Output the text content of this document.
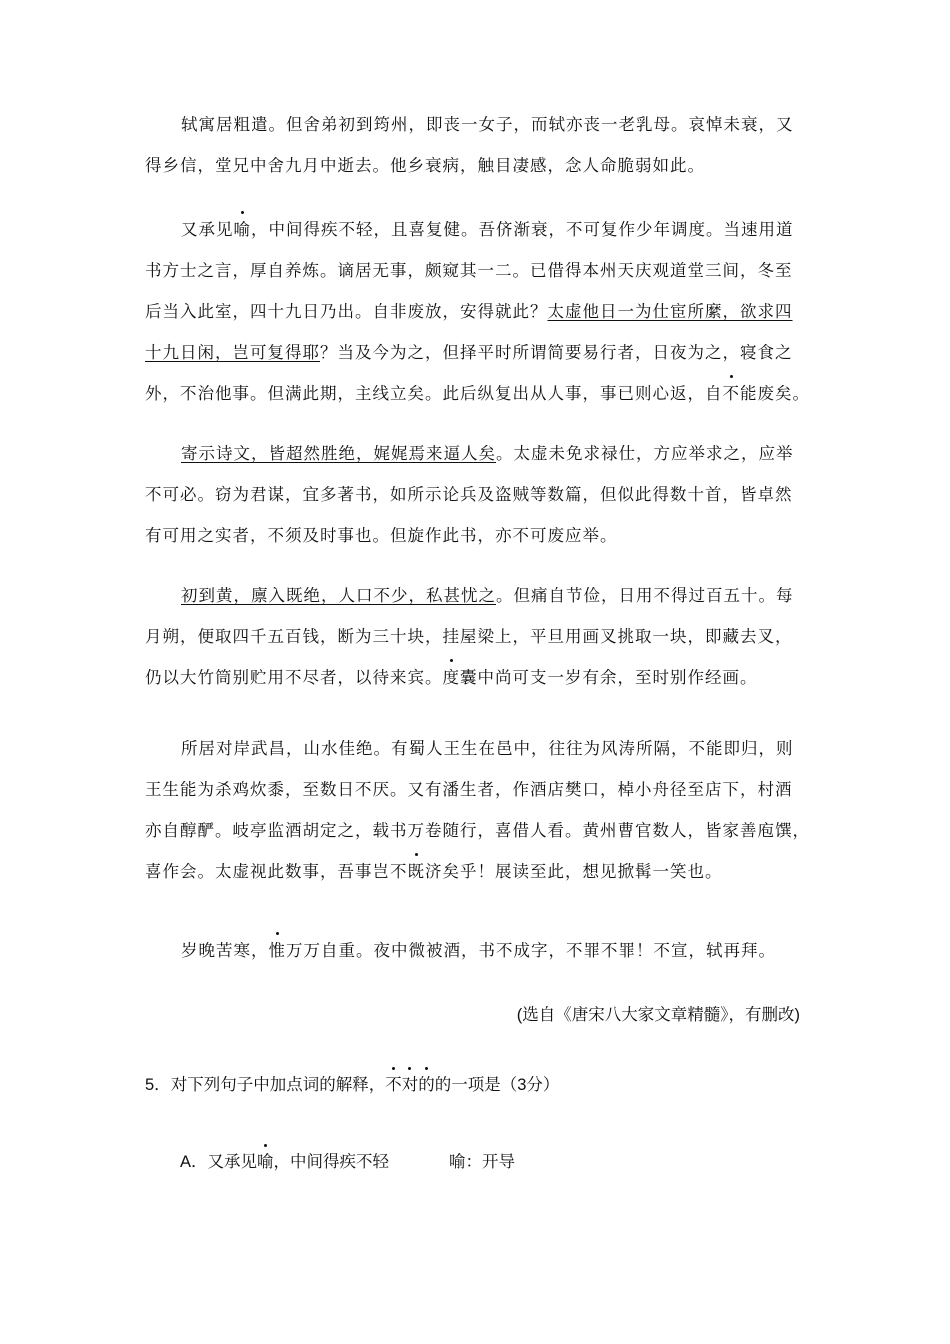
轼寓居粗遣。但舍弟初到筠州，即丧一女子，而轼亦丧一老乳母。哀悼未衰，又
得乡信，堂兄中舍九月中逝去。他乡衰病，触目凄感，念人命脆弱如此。
又承见喻，中间得疾不轻，且喜复健。吾侪渐衰，不可复作少年调度。当速用道
书方士之言，厚自养炼。谪居无事，颇窥其一二。已借得本州天庆观道堂三间，冬至
后当入此室，四十九日乃出。自非废放，安得就此？太虚他日一为仕宦所縻，欲求四
十九日闲，岂可复得耶？当及今为之，但择平时所谓简要易行者，日夜为之，寝食之
外，不治他事。但满此期，主线立矣。此后纵复出从人事，事已则心返，自不能废矣。
寄示诗文，皆超然胜绝，娓娓焉来逼人矣。太虚未免求禄仕，方应举求之，应举
不可必。窃为君谋，宜多著书，如所示论兵及盗贼等数篇，但似此得数十首，皆卓然
有可用之实者，不须及时事也。但旋作此书，亦不可废应举。
初到黄，廪入既绝，人口不少，私甚忧之。但痛自节俭，日用不得过百五十。每
月朔，便取四千五百钱，断为三十块，挂屋梁上，平旦用画叉挑取一块，即藏去叉，
仍以大竹筒别贮用不尽者，以待来宾。度囊中尚可支一岁有余，至时别作经画。
所居对岸武昌，山水佳绝。有蜀人王生在邑中，往往为风涛所隔，不能即归，则
王生能为杀鸡炊黍，至数日不厌。又有潘生者，作酒店樊口，棹小舟径至店下，村酒
亦自醇酽。岐亭监酒胡定之，载书万卷随行，喜借人看。黄州曹官数人，皆家善庖馔，
喜作会。太虚视此数事，吾事岂不既济矣乎！展读至此，想见掀髯一笑也。
岁晚苦寒，惟万万自重。夜中微被酒，书不成字，不罪不罪！不宣，轼再拜。
(选自《唐宋八大家文章精髓》，有删改)
5．对下列句子中加点词的解释，不对的的一项是（3分）
A．又承见喻，中间得疾不轻	喻：开导
